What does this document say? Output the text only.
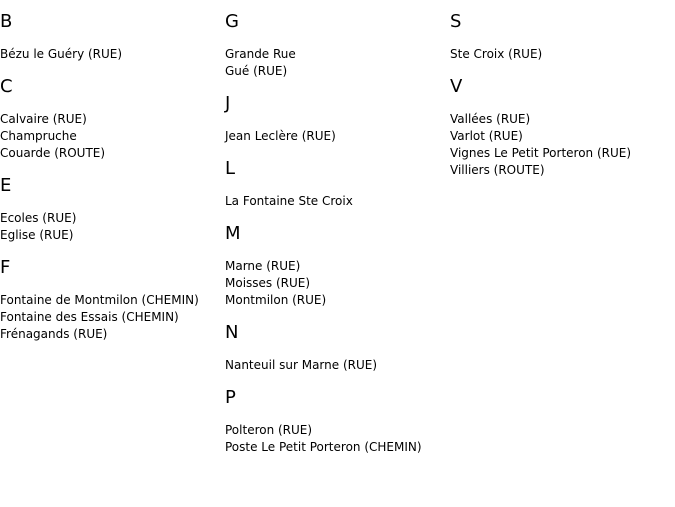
B
Bézu le Guéry (RUE)
C
Calvaire (RUE)
Champruche
Couarde (ROUTE)
E
Ecoles (RUE)
Eglise (RUE)
F
Fontaine de Montmilon (CHEMIN)
Fontaine des Essais (CHEMIN)
Frénagands (RUE)
G
Grande Rue
Gué (RUE)
J
Jean Leclère (RUE)
L
La Fontaine Ste Croix
M
Marne (RUE)
Moisses (RUE)
Montmilon (RUE)
N
Nanteuil sur Marne (RUE)
P
Polteron (RUE)
Poste Le Petit Porteron (CHEMIN)
S
Ste Croix (RUE)
V
Vallées (RUE)
Varlot (RUE)
Vignes Le Petit Porteron (RUE)
Villiers (ROUTE)
